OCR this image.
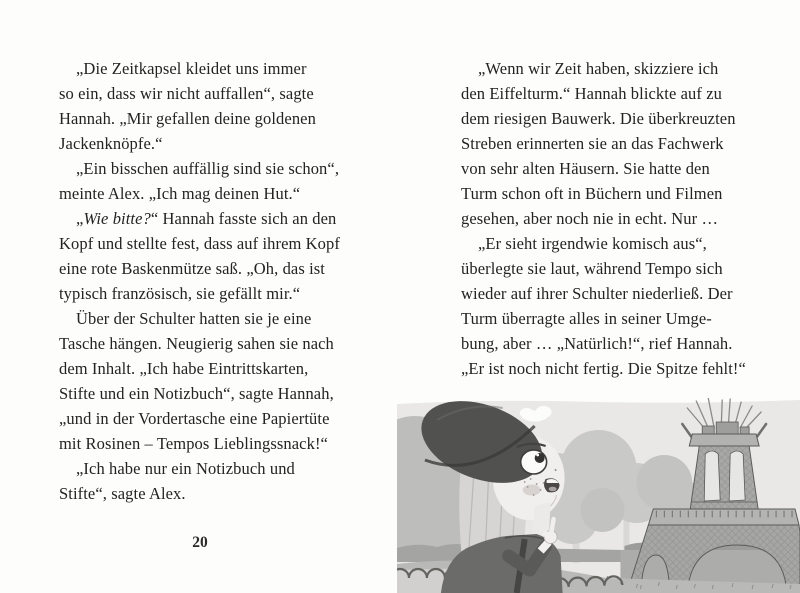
„Die Zeitkapsel kleidet uns immer
so ein, dass wir nicht auffallen“, sagte
Hannah. „Mir gefallen deine goldenen
Jackenknöpfe.“
„Ein bisschen auffällig sind sie schon“,
meinte Alex. „Ich mag deinen Hut.“
„Wie bitte?“ Hannah fasste sich an den
Kopf und stellte fest, dass auf ihrem Kopf
eine rote Baskenmütze saß. „Oh, das ist
typisch französisch, sie gefällt mir.“
Über der Schulter hatten sie je eine
Tasche hängen. Neugierig sahen sie nach
dem Inhalt. „Ich habe Eintrittskarten,
Stifte und ein Notizbuch“, sagte Hannah,
„und in der Vordertasche eine Papiertüte
mit Rosinen – Tempos Lieblingssnack!“
„Ich habe nur ein Notizbuch und
Stifte“, sagte Alex.
20
„Wenn wir Zeit haben, skizziere ich
den Eiffelturm.“ Hannah blickte auf zu
dem riesigen Bauwerk. Die überkreuzten
Streben erinnerten sie an das Fachwerk
von sehr alten Häusern. Sie hatte den
Turm schon oft in Büchern und Filmen
gesehen, aber noch nie in echt. Nur …
„Er sieht irgendwie komisch aus“,
überlegte sie laut, während Tempo sich
wieder auf ihrer Schulter niederließ. Der
Turm überragte alles in seiner Umge-
bung, aber … „Natürlich!“, rief Hannah.
„Er ist noch nicht fertig. Die Spitze fehlt!“
